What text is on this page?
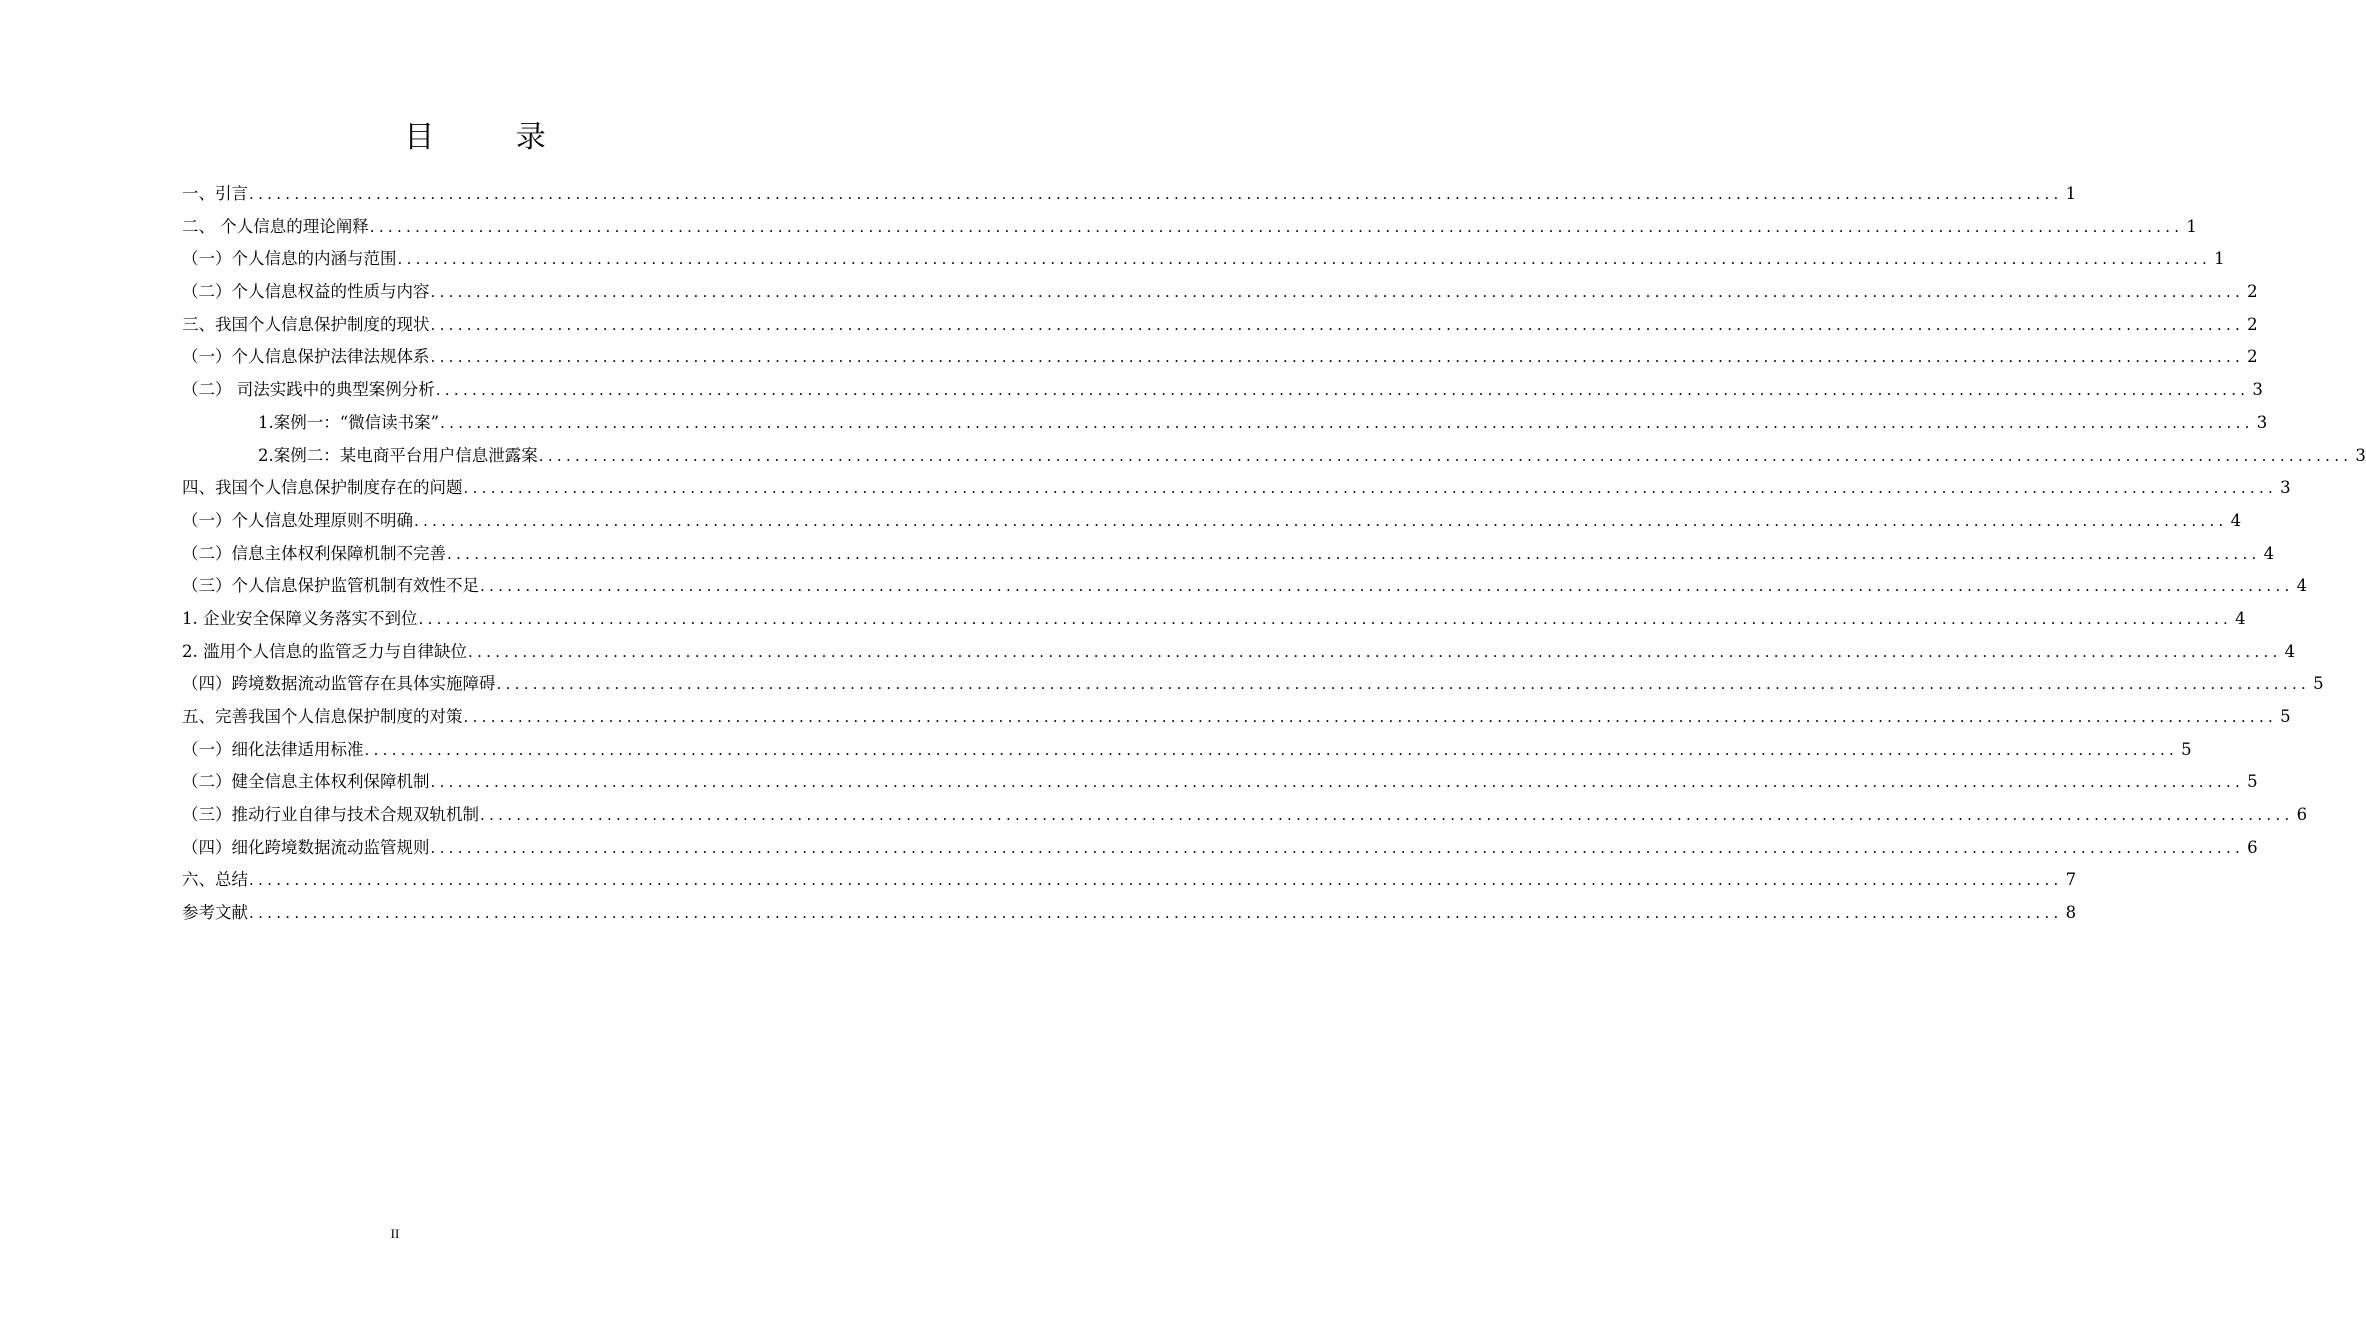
目 录
一、引言 ........................................................................................................................................................................................................ 1
二、 个人信息的理论阐释 ........................................................................................................................................................................................................ 1
（一）个人信息的内涵与范围 ........................................................................................................................................................................................................ 1
（二）个人信息权益的性质与内容 ........................................................................................................................................................................................................ 2
三、我国个人信息保护制度的现状 ........................................................................................................................................................................................................ 2
（一）个人信息保护法律法规体系 ........................................................................................................................................................................................................ 2
（二） 司法实践中的典型案例分析 ........................................................................................................................................................................................................ 3
1.案例一：“微信读书案” ........................................................................................................................................................................................................ 3
2.案例二：某电商平台用户信息泄露案 ........................................................................................................................................................................................................ 3
四、我国个人信息保护制度存在的问题 ........................................................................................................................................................................................................ 3
（一）个人信息处理原则不明确 ........................................................................................................................................................................................................ 4
（二）信息主体权利保障机制不完善 ........................................................................................................................................................................................................ 4
（三）个人信息保护监管机制有效性不足 ........................................................................................................................................................................................................ 4
1. 企业安全保障义务落实不到位 ........................................................................................................................................................................................................ 4
2. 滥用个人信息的监管乏力与自律缺位 ........................................................................................................................................................................................................ 4
（四）跨境数据流动监管存在具体实施障碍 ........................................................................................................................................................................................................ 5
五、完善我国个人信息保护制度的对策 ........................................................................................................................................................................................................ 5
（一）细化法律适用标准 ........................................................................................................................................................................................................ 5
（二）健全信息主体权利保障机制 ........................................................................................................................................................................................................ 5
（三）推动行业自律与技术合规双轨机制 ........................................................................................................................................................................................................ 6
（四）细化跨境数据流动监管规则 ........................................................................................................................................................................................................ 6
六、总结 ........................................................................................................................................................................................................ 7
参考文献 ........................................................................................................................................................................................................ 8
II
